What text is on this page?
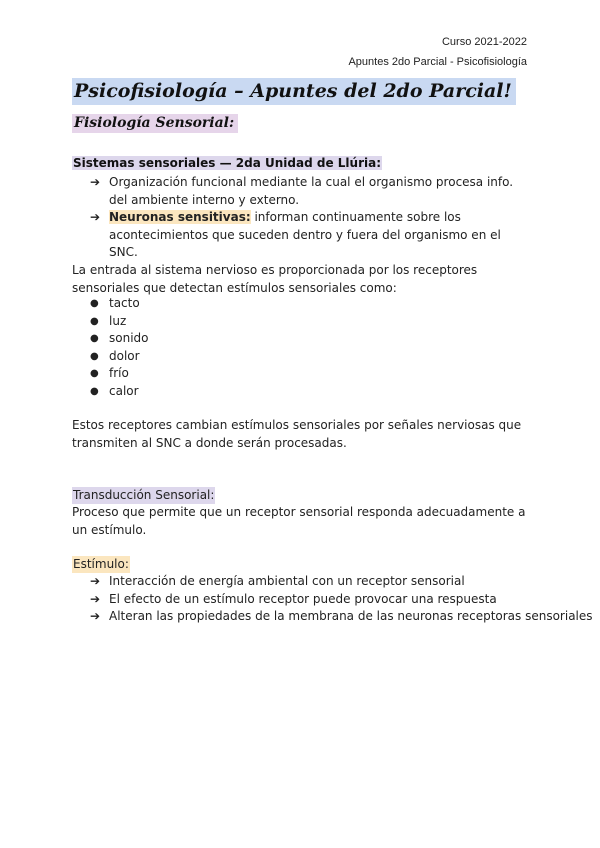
Curso 2021-2022
Apuntes 2do Parcial - Psicofisiología
Psicofisiología – Apuntes del 2do Parcial!
Fisiología Sensorial:
Sistemas sensoriales — 2da Unidad de Llúria:
➔ Organización funcional mediante la cual el organismo procesa info. del ambiente interno y externo.
➔ Neuronas sensitivas: informan continuamente sobre los acontecimientos que suceden dentro y fuera del organismo en el SNC.
La entrada al sistema nervioso es proporcionada por los receptores sensoriales que detectan estímulos sensoriales como:
● tacto
● luz
● sonido
● dolor
● frío
● calor
Estos receptores cambian estímulos sensoriales por señales nerviosas que transmiten al SNC a donde serán procesadas.
Transducción Sensorial:
Proceso que permite que un receptor sensorial responda adecuadamente a un estímulo.
Estímulo:
➔ Interacción de energía ambiental con un receptor sensorial
➔ El efecto de un estímulo receptor puede provocar una respuesta
➔ Alteran las propiedades de la membrana de las neuronas receptoras sensoriales
